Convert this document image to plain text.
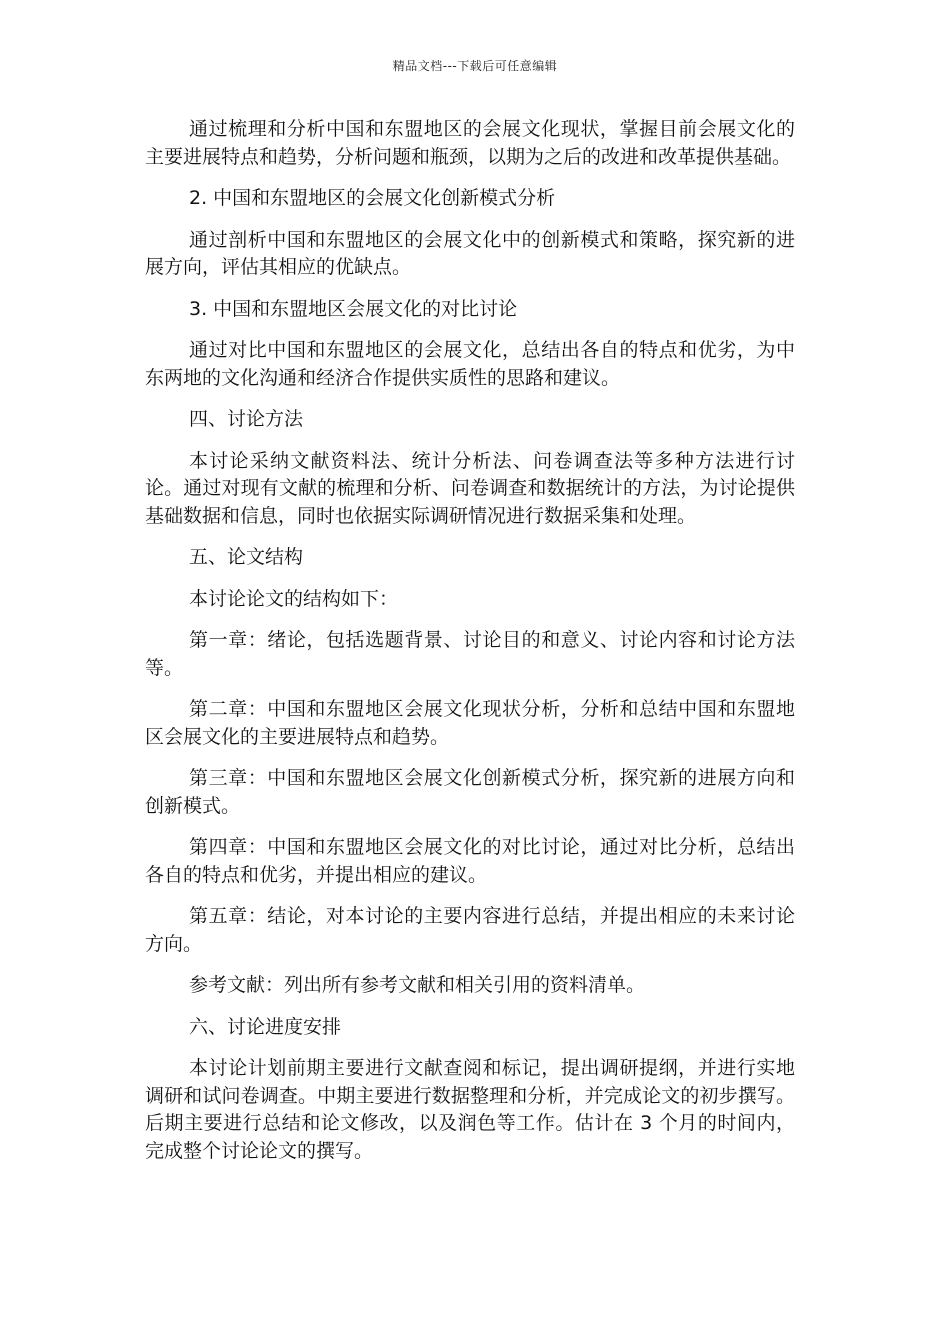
精品文档---下载后可任意编辑

通过梳理和分析中国和东盟地区的会展文化现状，掌握目前会展文化的主要进展特点和趋势，分析问题和瓶颈，以期为之后的改进和改革提供基础。

2. 中国和东盟地区的会展文化创新模式分析

通过剖析中国和东盟地区的会展文化中的创新模式和策略，探究新的进展方向，评估其相应的优缺点。

3. 中国和东盟地区会展文化的对比讨论

通过对比中国和东盟地区的会展文化，总结出各自的特点和优劣，为中东两地的文化沟通和经济合作提供实质性的思路和建议。

四、讨论方法

本讨论采纳文献资料法、统计分析法、问卷调查法等多种方法进行讨论。通过对现有文献的梳理和分析、问卷调查和数据统计的方法，为讨论提供基础数据和信息，同时也依据实际调研情况进行数据采集和处理。

五、论文结构

本讨论论文的结构如下：

第一章：绪论，包括选题背景、讨论目的和意义、讨论内容和讨论方法等。

第二章：中国和东盟地区会展文化现状分析，分析和总结中国和东盟地区会展文化的主要进展特点和趋势。

第三章：中国和东盟地区会展文化创新模式分析，探究新的进展方向和创新模式。

第四章：中国和东盟地区会展文化的对比讨论，通过对比分析，总结出各自的特点和优劣，并提出相应的建议。

第五章：结论，对本讨论的主要内容进行总结，并提出相应的未来讨论方向。

参考文献：列出所有参考文献和相关引用的资料清单。

六、讨论进度安排

本讨论计划前期主要进行文献查阅和标记，提出调研提纲，并进行实地调研和试问卷调查。中期主要进行数据整理和分析，并完成论文的初步撰写。后期主要进行总结和论文修改，以及润色等工作。估计在 3 个月的时间内，完成整个讨论论文的撰写。
